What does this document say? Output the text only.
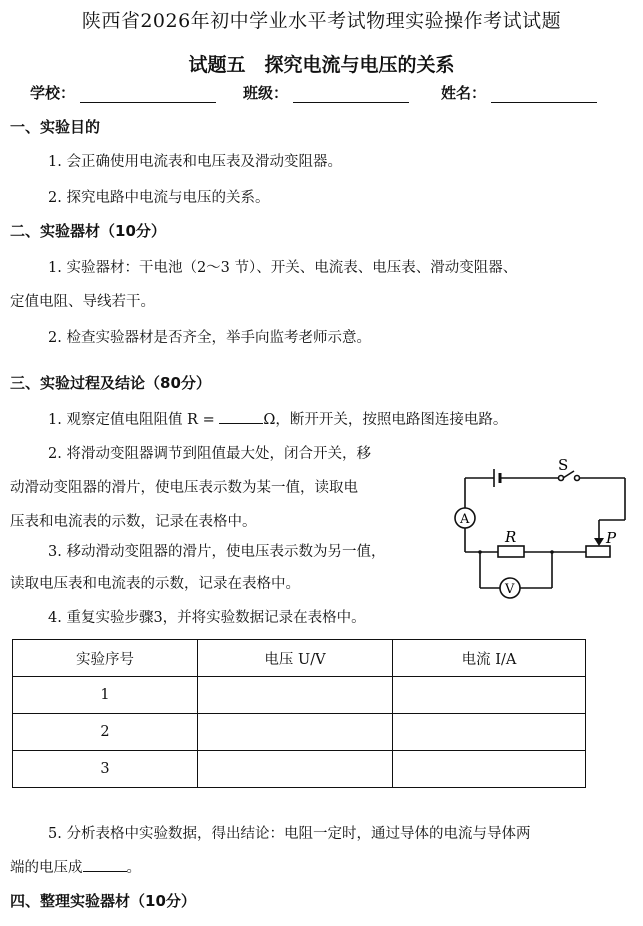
陕西省2026年初中学业水平考试物理实验操作考试试题
试题五　探究电流与电压的关系
学校：	班级：	姓名：
一、实验目的
1. 会正确使用电流表和电压表及滑动变阻器。
2. 探究电路中电流与电压的关系。
二、实验器材（10分）
1. 实验器材：干电池（2～3 节）、开关、电流表、电压表、滑动变阻器、
定值电阻、导线若干。
2. 检查实验器材是否齐全，举手向监考老师示意。
三、实验过程及结论（80分）
1. 观察定值电阻阻值 R =	Ω，断开开关，按照电路图连接电路。
2. 将滑动变阻器调节到阻值最大处，闭合开关，移
动滑动变阻器的滑片，使电压表示数为某一值，读取电
压表和电流表的示数，记录在表格中。
3. 移动滑动变阻器的滑片，使电压表示数为另一值，
读取电压表和电流表的示数，记录在表格中。
4. 重复实验步骤3，并将实验数据记录在表格中。
S
R
A
V
P
实验序号	电压 U/V	电流 I/A
1		
2		
3		
5. 分析表格中实验数据，得出结论：电阻一定时，通过导体的电流与导体两
端的电压成	。
四、整理实验器材（10分）
